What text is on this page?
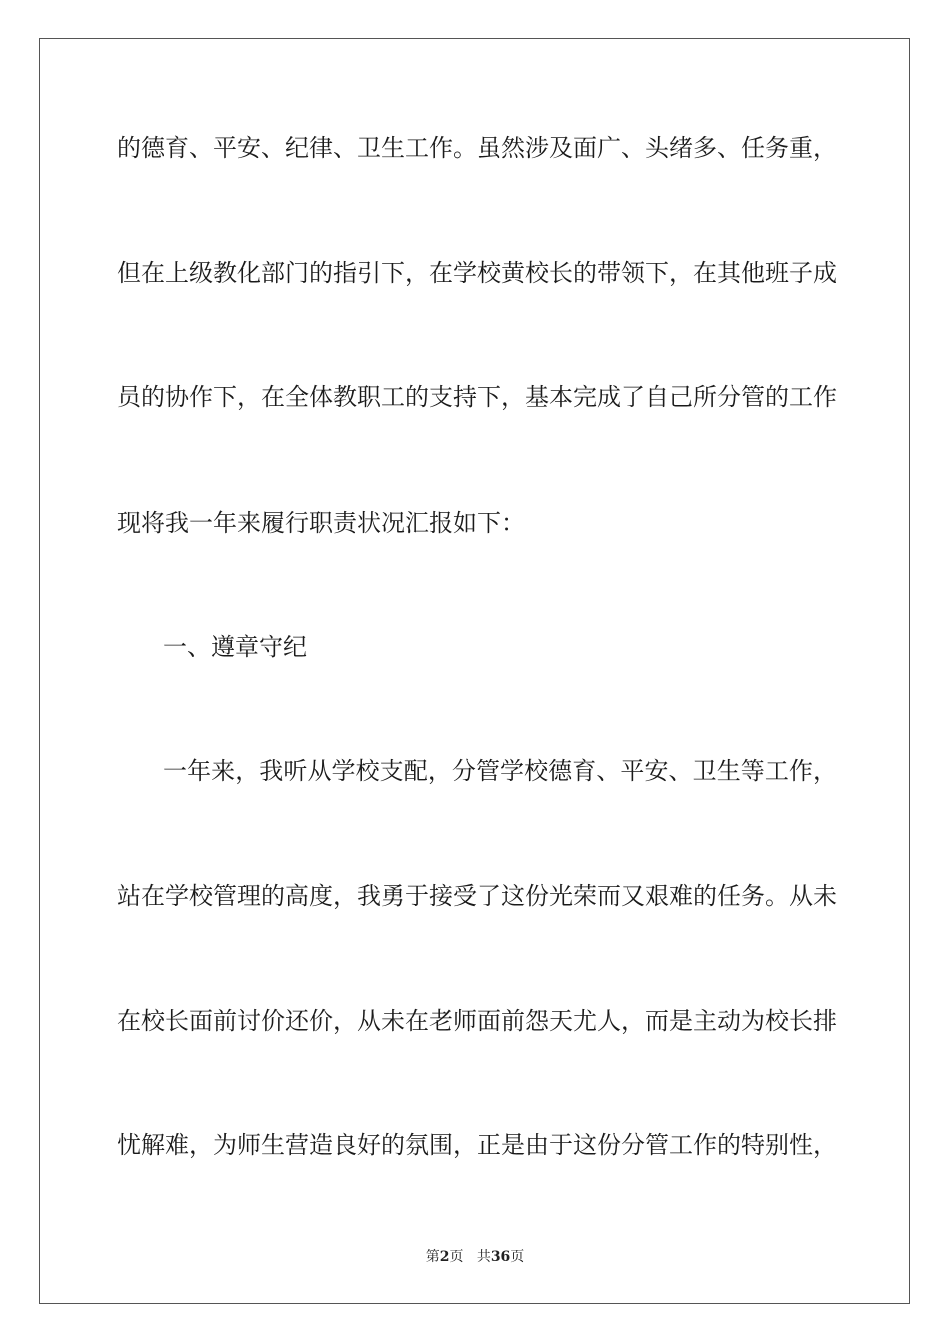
的德育、平安、纪律、卫生工作。虽然涉及面广、头绪多、任务重，
但在上级教化部门的指引下，在学校黄校长的带领下，在其他班子成
员的协作下，在全体教职工的支持下，基本完成了自己所分管的工作
现将我一年来履行职责状况汇报如下：
一、遵章守纪
一年来，我听从学校支配，分管学校德育、平安、卫生等工作，
站在学校管理的高度，我勇于接受了这份光荣而又艰难的任务。从未
在校长面前讨价还价，从未在老师面前怨天尤人，而是主动为校长排
忧解难，为师生营造良好的氛围，正是由于这份分管工作的特别性，
第2页 共36页
